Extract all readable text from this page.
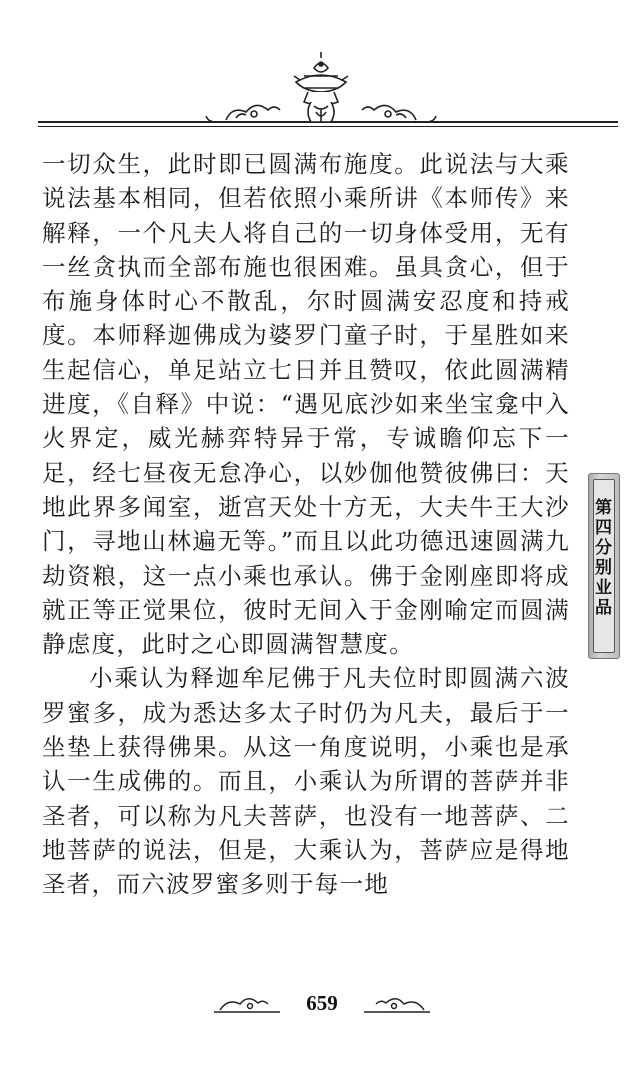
一切众生，此时即已圆满布施度。此说法与大乘说法基本相同，但若依照小乘所讲《本师传》来解释，一个凡夫人将自己的一切身体受用，无有一丝贪执而全部布施也很困难。虽具贪心，但于布施身体时心不散乱，尔时圆满安忍度和持戒度。本师释迦佛成为婆罗门童子时，于星胜如来生起信心，单足站立七日并且赞叹，依此圆满精进度，《自释》中说：“遇见底沙如来坐宝龛中入火界定，威光赫弈特异于常，专诚瞻仰忘下一足，经七昼夜无怠净心，以妙伽他赞彼佛曰：天地此界多闻室，逝宫天处十方无，大夫牛王大沙门，寻地山林遍无等。”而且以此功德迅速圆满九劫资粮，这一点小乘也承认。佛于金刚座即将成就正等正觉果位，彼时无间入于金刚喻定而圆满静虑度，此时之心即圆满智慧度。

小乘认为释迦牟尼佛于凡夫位时即圆满六波罗蜜多，成为悉达多太子时仍为凡夫，最后于一坐垫上获得佛果。从这一角度说明，小乘也是承认一生成佛的。而且，小乘认为所谓的菩萨并非圣者，可以称为凡夫菩萨，也没有一地菩萨、二地菩萨的说法，但是，大乘认为，菩萨应是得地圣者，而六波罗蜜多则于每一地

第四分别业品
659
